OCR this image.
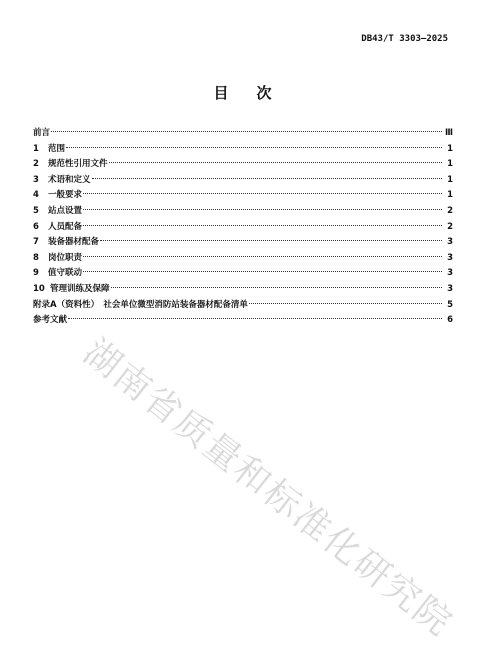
DB43/T 3303—2025
目 次
前言	Ⅲ
1	范围	1
2	规范性引用文件	1
3	术语和定义	1
4	一般要求	1
5	站点设置	2
6	人员配备	2
7	装备器材配备	3
8	岗位职责	3
9	值守联动	3
10 管理训练及保障	3
附录A（资料性）　社会单位微型消防站装备器材配备清单	5
参考文献	6
湖南省质量和标准化研究院
